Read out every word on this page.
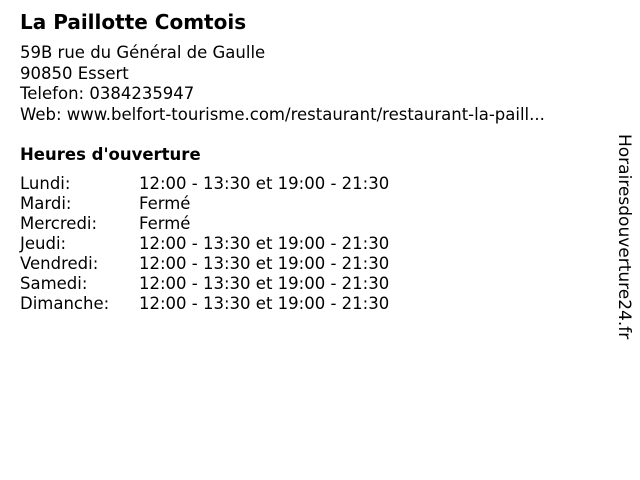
La Paillotte Comtois
59B rue du Général de Gaulle
90850 Essert
Telefon: 0384235947
Web: www.belfort-tourisme.com/restaurant/restaurant-la-paill...
Heures d'ouverture
Lundi:	12:00 - 13:30 et 19:00 - 21:30
Mardi:	Fermé
Mercredi:	Fermé
Jeudi:	12:00 - 13:30 et 19:00 - 21:30
Vendredi:	12:00 - 13:30 et 19:00 - 21:30
Samedi:	12:00 - 13:30 et 19:00 - 21:30
Dimanche:	12:00 - 13:30 et 19:00 - 21:30	Horairesdouverture24.fr
